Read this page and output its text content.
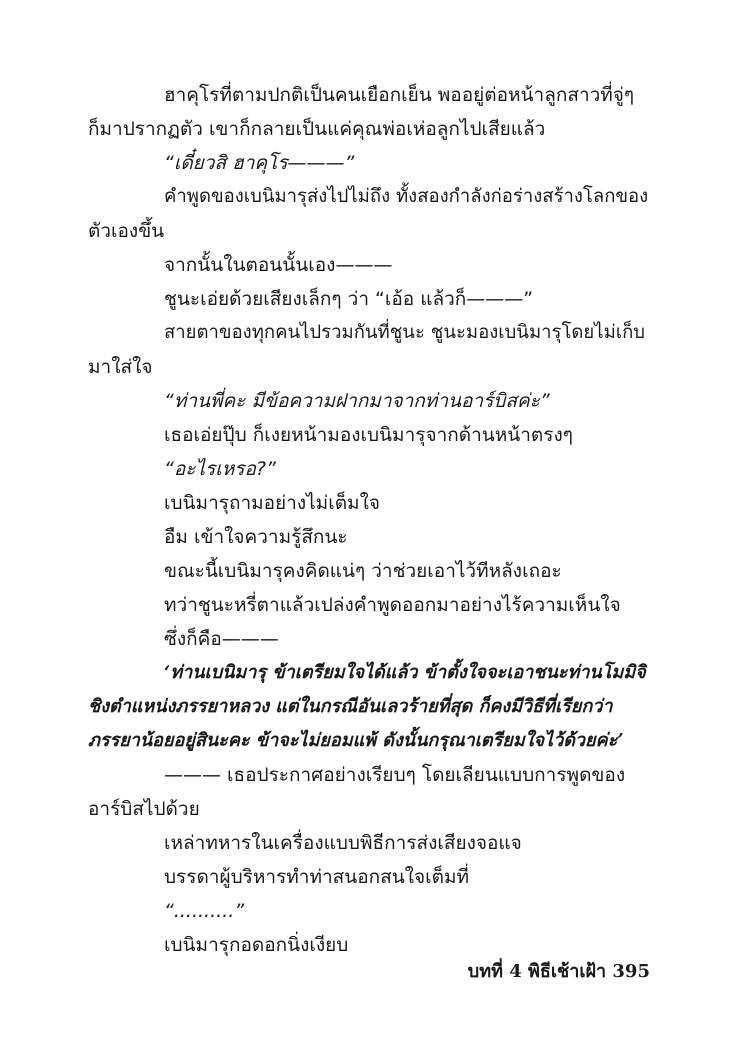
ฮาคุโรที่ตามปกติเป็นคนเยือกเย็น พออยู่ต่อหน้าลูกสาวที่จู่ๆ
ก็มาปรากฏตัว เขาก็กลายเป็นแค่คุณพ่อเห่อลูกไปเสียแล้ว
“เดี๋ยวสิ ฮาคุโร———”
คำพูดของเบนิมารุส่งไปไม่ถึง ทั้งสองกำลังก่อร่างสร้างโลกของ
ตัวเองขึ้น
จากนั้นในตอนนั้นเอง———
ชูนะเอ่ยด้วยเสียงเล็กๆ ว่า “เอ้อ แล้วก็———”
สายตาของทุกคนไปรวมกันที่ชูนะ ชูนะมองเบนิมารุโดยไม่เก็บ
มาใส่ใจ
“ท่านพี่คะ มีข้อความฝากมาจากท่านอาร์บิสค่ะ”
เธอเอ่ยปุ๊บ ก็เงยหน้ามองเบนิมารุจากด้านหน้าตรงๆ
“อะไรเหรอ?”
เบนิมารุถามอย่างไม่เต็มใจ
อืม เข้าใจความรู้สึกนะ
ขณะนี้เบนิมารุคงคิดแน่ๆ ว่าช่วยเอาไว้ทีหลังเถอะ
ทว่าชูนะหรี่ตาแล้วเปล่งคำพูดออกมาอย่างไร้ความเห็นใจ
ซึ่งก็คือ———
‘ท่านเบนิมารุ ข้าเตรียมใจได้แล้ว ข้าตั้งใจจะเอาชนะท่านโมมิจิ
ชิงตำแหน่งภรรยาหลวง แต่ในกรณีอันเลวร้ายที่สุด ก็คงมีวิธีที่เรียกว่า
ภรรยาน้อยอยู่สินะคะ ข้าจะไม่ยอมแพ้ ดังนั้นกรุณาเตรียมใจไว้ด้วยค่ะ’
——— เธอประกาศอย่างเรียบๆ โดยเลียนแบบการพูดของ
อาร์บิสไปด้วย
เหล่าทหารในเครื่องแบบพิธีการส่งเสียงจอแจ
บรรดาผู้บริหารทำท่าสนอกสนใจเต็มที่
“..........”
เบนิมารุกอดอกนิ่งเงียบ
บทที่ 4 พิธีเช้าเฝ้า 395
